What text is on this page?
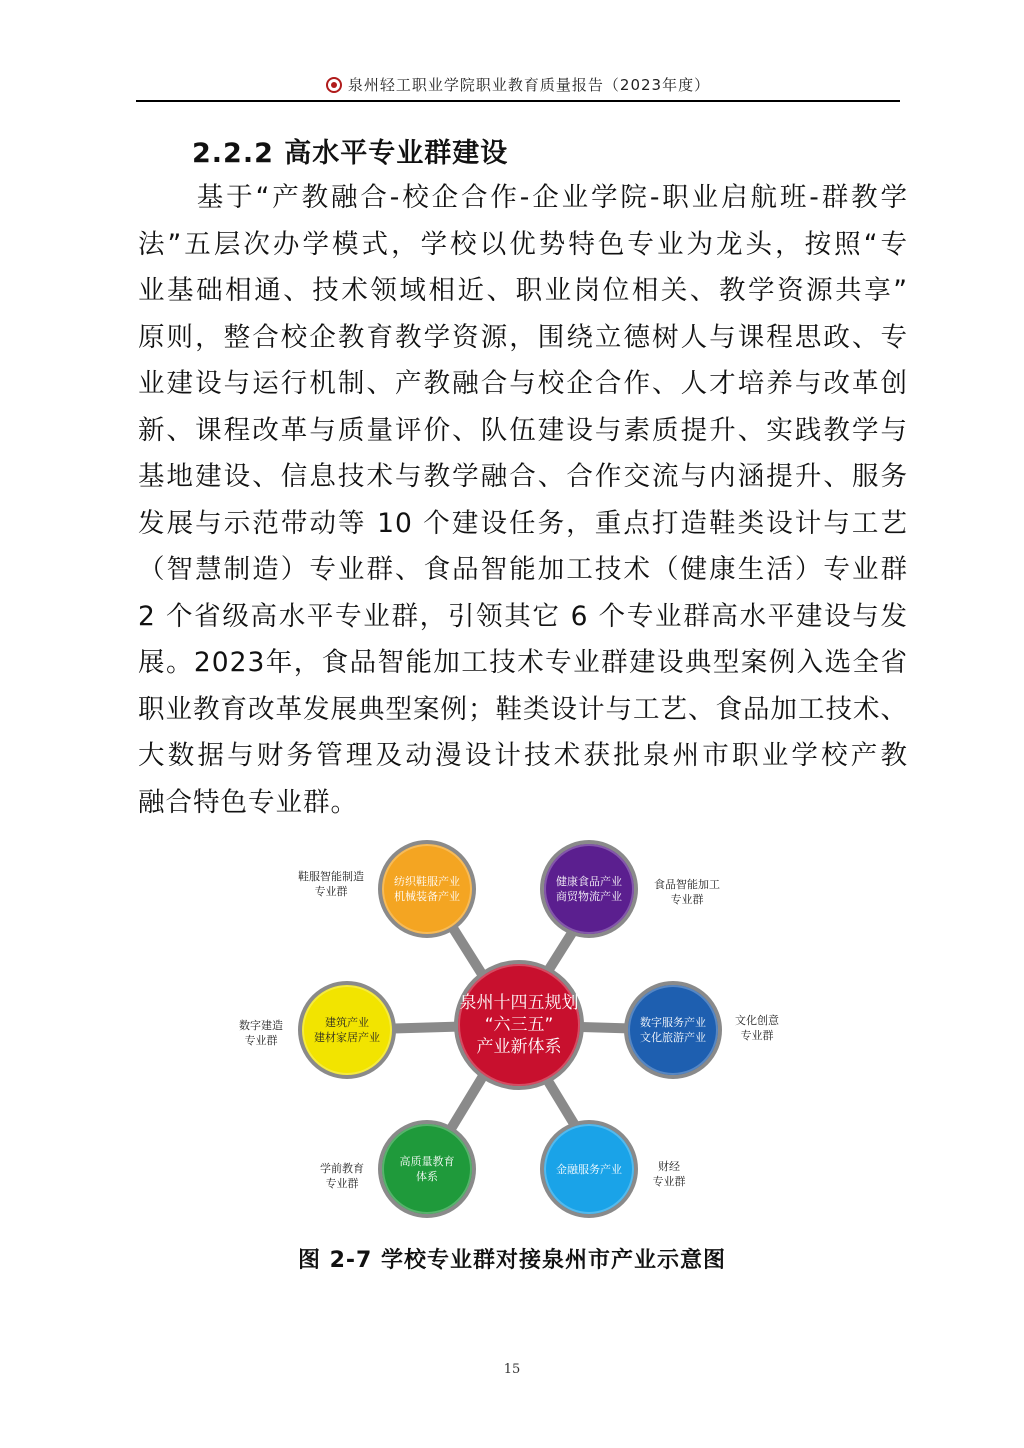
泉州轻工职业学院职业教育质量报告（2023年度）
2.2.2 高水平专业群建设
　　基于“产教融合-校企合作-企业学院-职业启航班-群教学
法”五层次办学模式，学校以优势特色专业为龙头，按照“专
业基础相通、技术领域相近、职业岗位相关、教学资源共享”
原则，整合校企教育教学资源，围绕立德树人与课程思政、专
业建设与运行机制、产教融合与校企合作、人才培养与改革创
新、课程改革与质量评价、队伍建设与素质提升、实践教学与
基地建设、信息技术与教学融合、合作交流与内涵提升、服务
发展与示范带动等 10 个建设任务，重点打造鞋类设计与工艺
（智慧制造）专业群、食品智能加工技术（健康生活）专业群
2 个省级高水平专业群，引领其它 6 个专业群高水平建设与发
展。2023年，食品智能加工技术专业群建设典型案例入选全省
职业教育改革发展典型案例；鞋类设计与工艺、食品加工技术、
大数据与财务管理及动漫设计技术获批泉州市职业学校产教
融合特色专业群。
泉州十四五规划
“六三五”
产业新体系
纺织鞋服产业
机械装备产业
健康食品产业
商贸物流产业
建筑产业
建材家居产业
数字服务产业
文化旅游产业
高质量教育
体系
金融服务产业
鞋服智能制造
专业群
食品智能加工
专业群
数字建造
专业群
文化创意
专业群
学前教育
专业群
财经
专业群
图 2-7 学校专业群对接泉州市产业示意图
15
